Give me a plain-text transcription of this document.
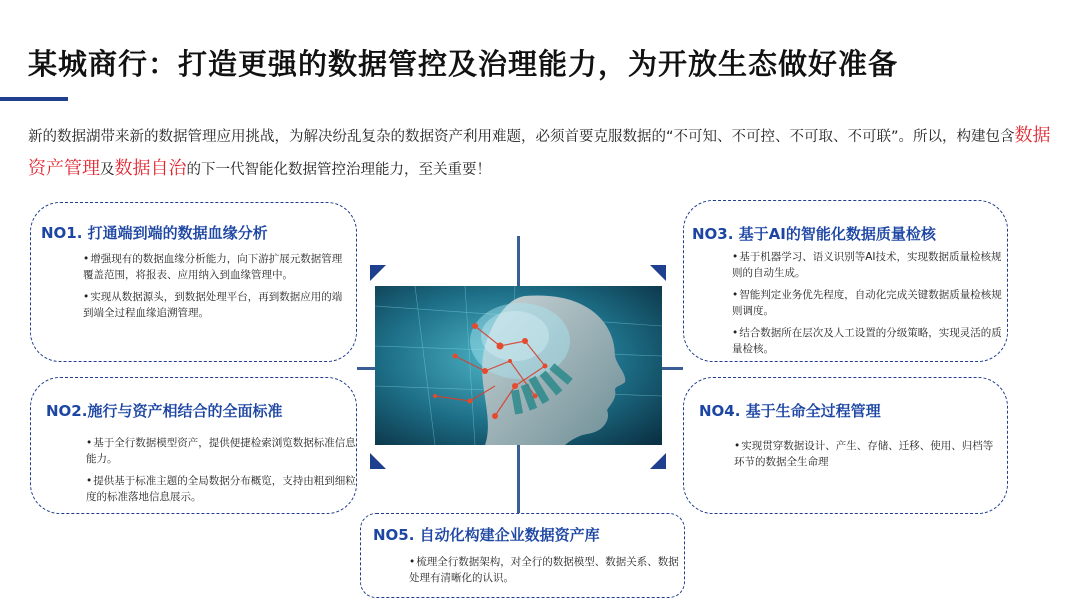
某城商行：打造更强的数据管控及治理能力，为开放生态做好准备
新的数据湖带来新的数据管理应用挑战，为解决纷乱复杂的数据资产利用难题，必须首要克服数据的“不可知、不可控、不可取、不可联”。所以，构建包含数据资产管理及数据自治的下一代智能化数据管控治理能力，至关重要！
NO1. 打通端到端的数据血缘分析
• 增强现有的数据血缘分析能力，向下游扩展元数据管理覆盖范围，将报表、应用纳入到血缘管理中。
• 实现从数据源头，到数据处理平台，再到数据应用的端到端全过程血缘追溯管理。
NO2.施行与资产相结合的全面标准
• 基于全行数据模型资产，提供便捷检索浏览数据标准信息能力。
• 提供基于标准主题的全局数据分布概览，支持由粗到细粒度的标准落地信息展示。
NO3. 基于AI的智能化数据质量检核
• 基于机器学习、语义识别等AI技术，实现数据质量检核规则的自动生成。
• 智能判定业务优先程度，自动化完成关键数据质量检核规则调度。
• 结合数据所在层次及人工设置的分级策略，实现灵活的质量检核。
NO4. 基于生命全过程管理
• 实现贯穿数据设计、产生、存储、迁移、使用、归档等环节的数据全生命理
NO5. 自动化构建企业数据资产库
• 梳理全行数据架构，对全行的数据模型、数据关系、数据处理有清晰化的认识。
